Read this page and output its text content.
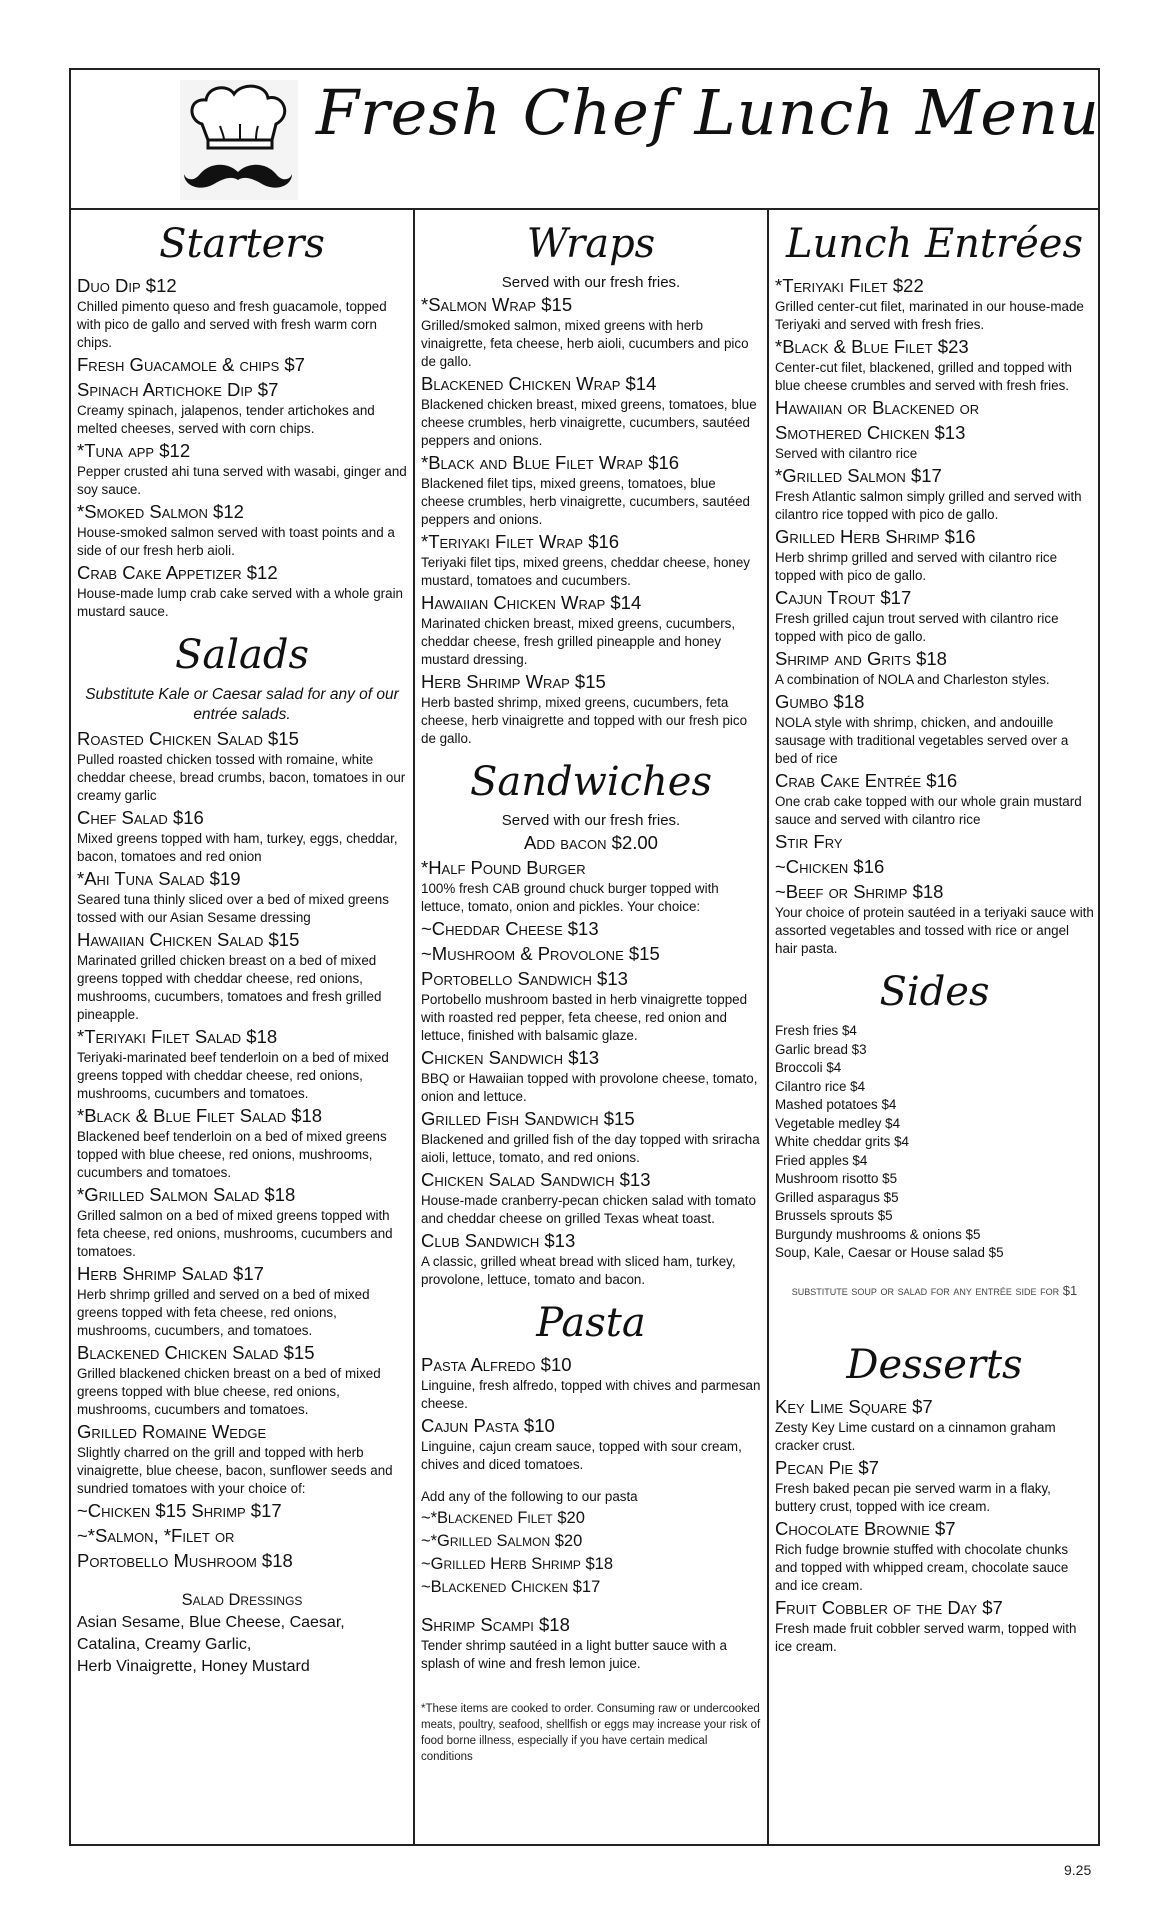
Fresh Chef Lunch Menu
Starters
Duo Dip $12
Chilled pimento queso and fresh guacamole, topped with pico de gallo and served with fresh warm corn chips.
Fresh Guacamole & chips $7
Spinach Artichoke Dip $7
Creamy spinach, jalapenos, tender artichokes and melted cheeses, served with corn chips.
*Tuna app $12
Pepper crusted ahi tuna served with wasabi, ginger and soy sauce.
*Smoked Salmon $12
House-smoked salmon served with toast points and a side of our fresh herb aioli.
Crab Cake Appetizer $12
House-made lump crab cake served with a whole grain mustard sauce.
Salads
Substitute Kale or Caesar salad for any of our entrée salads.
Roasted Chicken Salad $15
Pulled roasted chicken tossed with romaine, white cheddar cheese, bread crumbs, bacon, tomatoes in our creamy garlic
Chef Salad $16
Mixed greens topped with ham, turkey, eggs, cheddar, bacon, tomatoes and red onion
*Ahi Tuna Salad $19
Seared tuna thinly sliced over a bed of mixed greens tossed with our Asian Sesame dressing
Hawaiian Chicken Salad $15
Marinated grilled chicken breast on a bed of mixed greens topped with cheddar cheese, red onions, mushrooms, cucumbers, tomatoes and fresh grilled pineapple.
*Teriyaki Filet Salad $18
Teriyaki-marinated beef tenderloin on a bed of mixed greens topped with cheddar cheese, red onions, mushrooms, cucumbers and tomatoes.
*Black & Blue Filet Salad $18
Blackened beef tenderloin on a bed of mixed greens topped with blue cheese, red onions, mushrooms, cucumbers and tomatoes.
*Grilled Salmon Salad $18
Grilled salmon on a bed of mixed greens topped with feta cheese, red onions, mushrooms, cucumbers and tomatoes.
Herb Shrimp Salad $17
Herb shrimp grilled and served on a bed of mixed greens topped with feta cheese, red onions, mushrooms, cucumbers, and tomatoes.
Blackened Chicken Salad $15
Grilled blackened chicken breast on a bed of mixed greens topped with blue cheese, red onions, mushrooms, cucumbers and tomatoes.
Grilled Romaine Wedge
Slightly charred on the grill and topped with herb vinaigrette, blue cheese, bacon, sunflower seeds and sundried tomatoes with your choice of:
~Chicken $15 Shrimp $17
~*Salmon, *Filet or
Portobello Mushroom $18
Salad Dressings
Asian Sesame, Blue Cheese, Caesar,
Catalina, Creamy Garlic,
Herb Vinaigrette, Honey Mustard
Wraps
Served with our fresh fries.
*Salmon Wrap $15
Grilled/smoked salmon, mixed greens with herb vinaigrette, feta cheese, herb aioli, cucumbers and pico de gallo.
Blackened Chicken Wrap $14
Blackened chicken breast, mixed greens, tomatoes, blue cheese crumbles, herb vinaigrette, cucumbers, sautéed peppers and onions.
*Black and Blue Filet Wrap $16
Blackened filet tips, mixed greens, tomatoes, blue cheese crumbles, herb vinaigrette, cucumbers, sautéed peppers and onions.
*Teriyaki Filet Wrap $16
Teriyaki filet tips, mixed greens, cheddar cheese, honey mustard, tomatoes and cucumbers.
Hawaiian Chicken Wrap $14
Marinated chicken breast, mixed greens, cucumbers, cheddar cheese, fresh grilled pineapple and honey mustard dressing.
Herb Shrimp Wrap $15
Herb basted shrimp, mixed greens, cucumbers, feta cheese, herb vinaigrette and topped with our fresh pico de gallo.
Sandwiches
Served with our fresh fries.
Add bacon $2.00
*Half Pound Burger
100% fresh CAB ground chuck burger topped with lettuce, tomato, onion and pickles. Your choice:
~Cheddar Cheese $13
~Mushroom & Provolone $15
Portobello Sandwich $13
Portobello mushroom basted in herb vinaigrette topped with roasted red pepper, feta cheese, red onion and lettuce, finished with balsamic glaze.
Chicken Sandwich $13
BBQ or Hawaiian topped with provolone cheese, tomato, onion and lettuce.
Grilled Fish Sandwich $15
Blackened and grilled fish of the day topped with sriracha aioli, lettuce, tomato, and red onions.
Chicken Salad Sandwich $13
House-made cranberry-pecan chicken salad with tomato and cheddar cheese on grilled Texas wheat toast.
Club Sandwich $13
A classic, grilled wheat bread with sliced ham, turkey, provolone, lettuce, tomato and bacon.
Pasta
Pasta Alfredo $10
Linguine, fresh alfredo, topped with chives and parmesan cheese.
Cajun Pasta $10
Linguine, cajun cream sauce, topped with sour cream, chives and diced tomatoes.
Add any of the following to our pasta
~*Blackened Filet $20
~*Grilled Salmon $20
~Grilled Herb Shrimp $18
~Blackened Chicken $17
Shrimp Scampi $18
Tender shrimp sautéed in a light butter sauce with a splash of wine and fresh lemon juice.
*These items are cooked to order. Consuming raw or undercooked meats, poultry, seafood, shellfish or eggs may increase your risk of food borne illness, especially if you have certain medical conditions
Lunch Entrées
*Teriyaki Filet $22
Grilled center-cut filet, marinated in our house-made Teriyaki and served with fresh fries.
*Black & Blue Filet $23
Center-cut filet, blackened, grilled and topped with blue cheese crumbles and served with fresh fries.
Hawaiian or Blackened or
Smothered Chicken $13
Served with cilantro rice
*Grilled Salmon $17
Fresh Atlantic salmon simply grilled and served with cilantro rice topped with pico de gallo.
Grilled Herb Shrimp $16
Herb shrimp grilled and served with cilantro rice topped with pico de gallo.
Cajun Trout $17
Fresh grilled cajun trout served with cilantro rice topped with pico de gallo.
Shrimp and Grits $18
A combination of NOLA and Charleston styles.
Gumbo $18
NOLA style with shrimp, chicken, and andouille sausage with traditional vegetables served over a bed of rice
Crab Cake Entrée $16
One crab cake topped with our whole grain mustard sauce and served with cilantro rice
Stir Fry
~Chicken $16
~Beef or Shrimp $18
Your choice of protein sautéed in a teriyaki sauce with assorted vegetables and tossed with rice or angel hair pasta.
Sides
Fresh fries $4
Garlic bread $3
Broccoli $4
Cilantro rice $4
Mashed potatoes $4
Vegetable medley $4
White cheddar grits $4
Fried apples $4
Mushroom risotto $5
Grilled asparagus $5
Brussels sprouts $5
Burgundy mushrooms & onions $5
Soup, Kale, Caesar or House salad $5
substitute soup or salad for any entrée side for $1
Desserts
Key Lime Square $7
Zesty Key Lime custard on a cinnamon graham cracker crust.
Pecan Pie $7
Fresh baked pecan pie served warm in a flaky, buttery crust, topped with ice cream.
Chocolate Brownie $7
Rich fudge brownie stuffed with chocolate chunks and topped with whipped cream, chocolate sauce and ice cream.
Fruit Cobbler of the Day $7
Fresh made fruit cobbler served warm, topped with ice cream.
9.25
